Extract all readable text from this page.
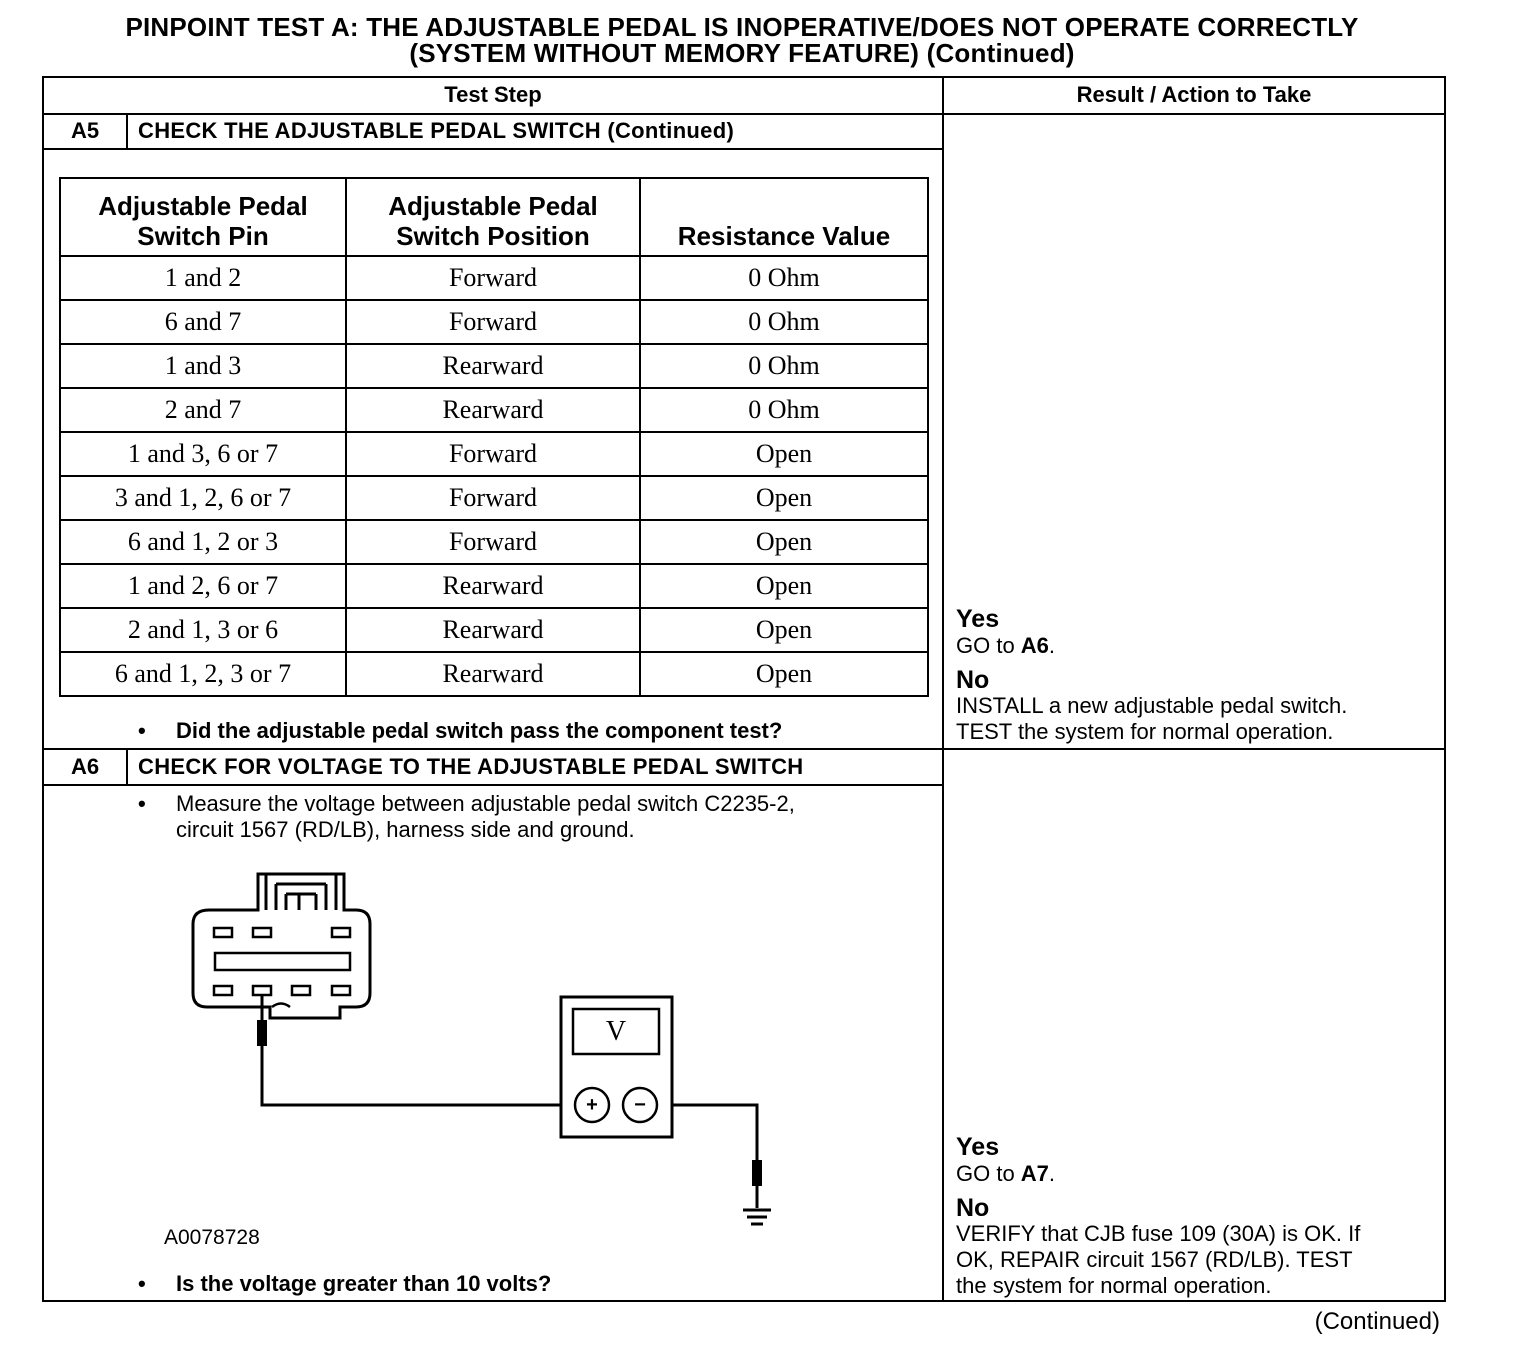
PINPOINT TEST A: THE ADJUSTABLE PEDAL IS INOPERATIVE/DOES NOT OPERATE CORRECTLY
(SYSTEM WITHOUT MEMORY FEATURE) (Continued)
Test Step	Result / Action to Take
A5	CHECK THE ADJUSTABLE PEDAL SWITCH (Continued)
Adjustable Pedal Switch Pin	Adjustable Pedal Switch Position	Resistance Value
1 and 2	Forward	0 Ohm
6 and 7	Forward	0 Ohm
1 and 3	Rearward	0 Ohm
2 and 7	Rearward	0 Ohm
1 and 3, 6 or 7	Forward	Open
3 and 1, 2, 6 or 7	Forward	Open
6 and 1, 2 or 3	Forward	Open
1 and 2, 6 or 7	Rearward	Open
2 and 1, 3 or 6	Rearward	Open
6 and 1, 2, 3 or 7	Rearward	Open
• Did the adjustable pedal switch pass the component test?
Yes
GO to A6.
No
INSTALL a new adjustable pedal switch.
TEST the system for normal operation.
A6	CHECK FOR VOLTAGE TO THE ADJUSTABLE PEDAL SWITCH
• Measure the voltage between adjustable pedal switch C2235-2,
circuit 1567 (RD/LB), harness side and ground.
V
+	−
A0078728
• Is the voltage greater than 10 volts?
Yes
GO to A7.
No
VERIFY that CJB fuse 109 (30A) is OK. If
OK, REPAIR circuit 1567 (RD/LB). TEST
the system for normal operation.
(Continued)
